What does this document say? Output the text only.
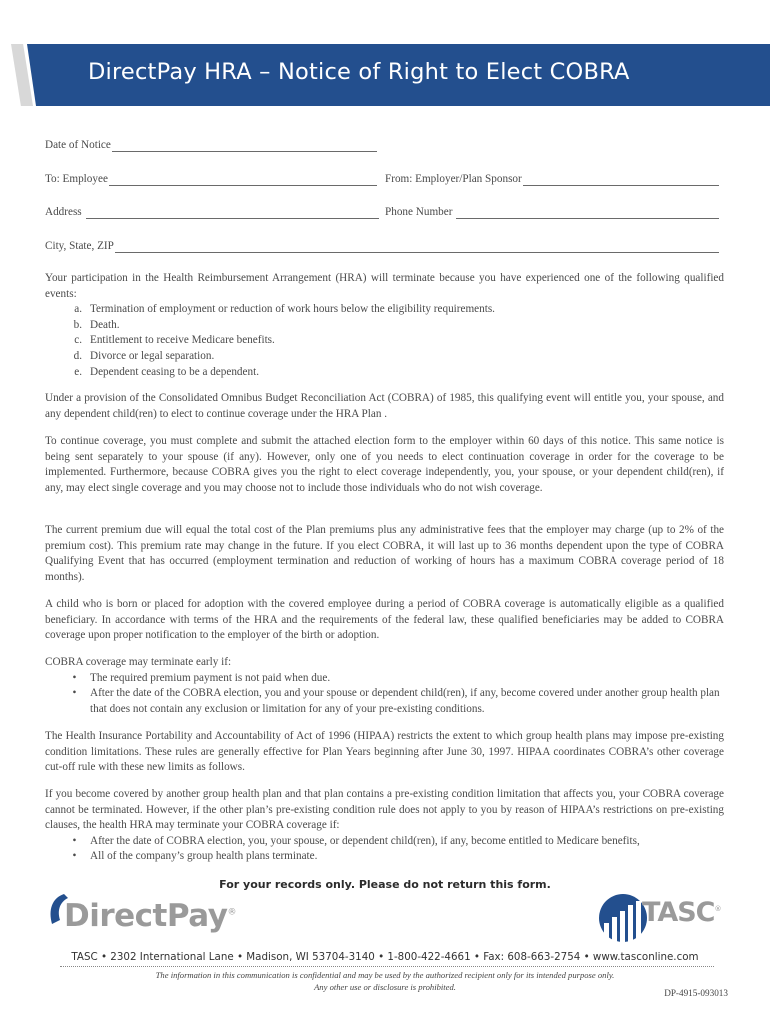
DirectPay HRA – Notice of Right to Elect COBRA
Date of Notice
To: Employee	From: Employer/Plan Sponsor
Address	Phone Number
City, State, ZIP

Your participation in the Health Reimbursement Arrangement (HRA) will terminate because you have experienced one of the following qualified events:

a. Termination of employment or reduction of work hours below the eligibility requirements.
b. Death.
c. Entitlement to receive Medicare benefits.
d. Divorce or legal separation.
e. Dependent ceasing to be a dependent.

Under a provision of the Consolidated Omnibus Budget Reconciliation Act (COBRA) of 1985, this qualifying event will entitle you, your spouse, and any dependent child(ren) to elect to continue coverage under the HRA Plan .

To continue coverage, you must complete and submit the attached election form to the employer within 60 days of this notice. This same notice is being sent separately to your spouse (if any). However, only one of you needs to elect continuation coverage in order for the coverage to be implemented. Furthermore, because COBRA gives you the right to elect coverage independently, you, your spouse, or your dependent child(ren), if any, may elect single coverage and you may choose not to include those individuals who do not wish coverage.

The current premium due will equal the total cost of the Plan premiums plus any administrative fees that the employer may charge (up to 2% of the premium cost). This premium rate may change in the future. If you elect COBRA, it will last up to 36 months dependent upon the type of COBRA Qualifying Event that has occurred (employment termination and reduction of working of hours has a maximum COBRA coverage period of 18 months).

A child who is born or placed for adoption with the covered employee during a period of COBRA coverage is automatically eligible as a qualified beneficiary. In accordance with terms of the HRA and the requirements of the federal law, these qualified beneficiaries may be added to COBRA coverage upon proper notification to the employer of the birth or adoption.

COBRA coverage may terminate early if:

•	The required premium payment is not paid when due.
•	After the date of the COBRA election, you and your spouse or dependent child(ren), if any, become covered under another group health plan that does not contain any exclusion or limitation for any of your pre-existing conditions.

The Health Insurance Portability and Accountability of Act of 1996 (HIPAA) restricts the extent to which group health plans may impose pre-existing condition limitations. These rules are generally effective for Plan Years beginning after June 30, 1997. HIPAA coordinates COBRA’s other coverage cut-off rule with these new limits as follows.

If you become covered by another group health plan and that plan contains a pre-existing condition limitation that affects you, your COBRA coverage cannot be terminated. However, if the other plan’s pre-existing condition rule does not apply to you by reason of HIPAA’s restrictions on pre-existing clauses, the health HRA may terminate your COBRA coverage if:

•	After the date of COBRA election, you, your spouse, or dependent child(ren), if any, become entitled to Medicare benefits,
•	All of the company’s group health plans terminate.
For your records only. Please do not return this form.
DirectPay®	TASC®
TASC • 2302 International Lane • Madison, WI 53704-3140 • 1-800-422-4661 • Fax: 608-663-2754 • www.tasconline.com
The information in this communication is confidential and may be used by the authorized recipient only for its intended purpose only.
Any other use or disclosure is prohibited.
DP-4915-093013
